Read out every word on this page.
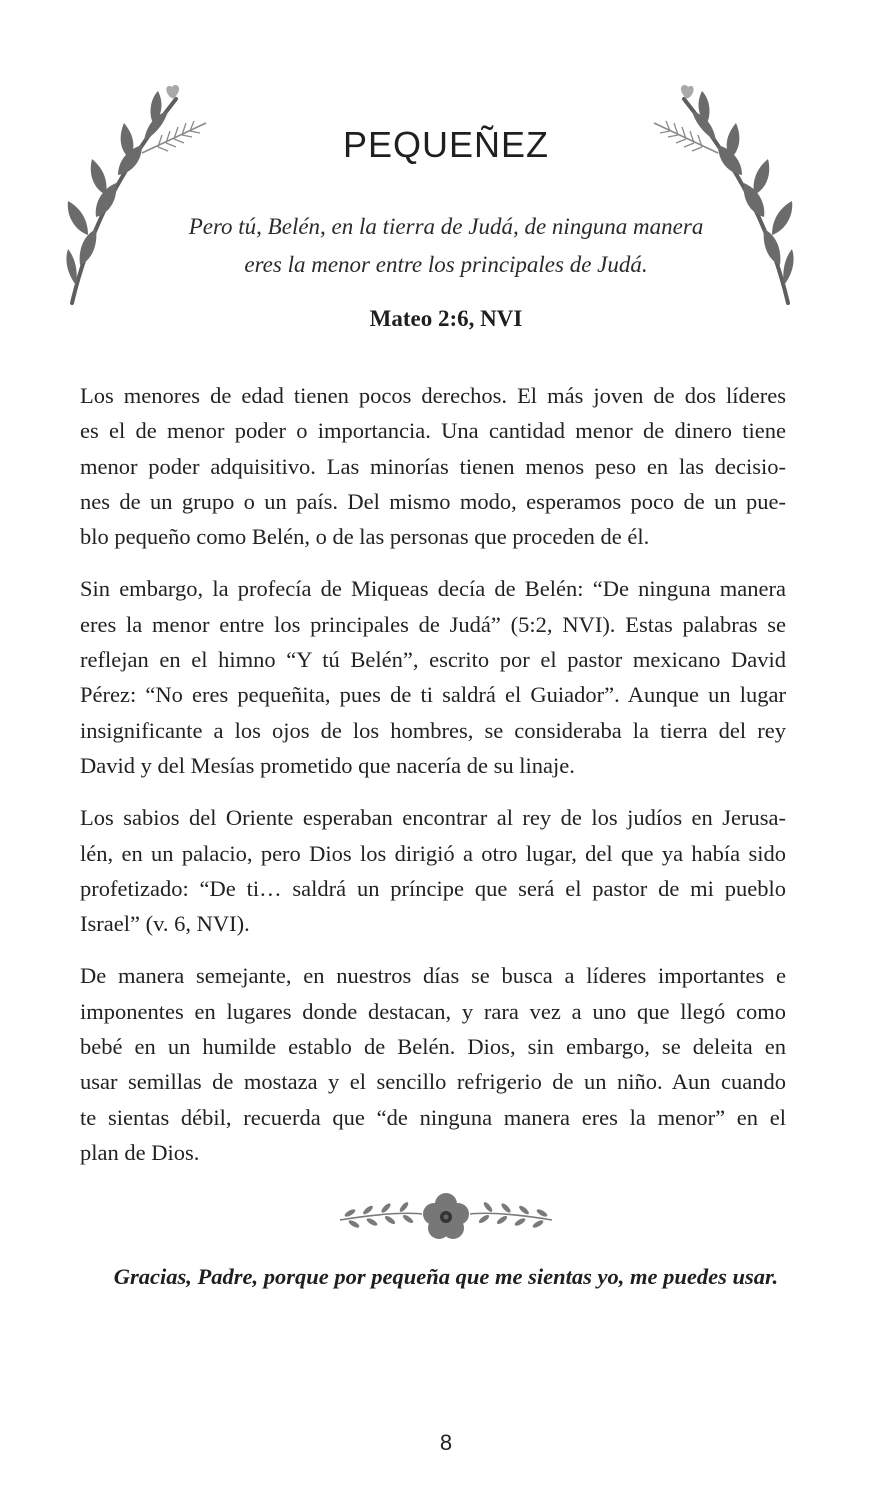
PEQUEÑEZ
Pero tú, Belén, en la tierra de Judá, de ninguna manera
eres la menor entre los principales de Judá.
Mateo 2:6, NVI
Los menores de edad tienen pocos derechos. El más joven de dos líderes
es el de menor poder o importancia. Una cantidad menor de dinero tiene
menor poder adquisitivo. Las minorías tienen menos peso en las decisio-
nes de un grupo o un país. Del mismo modo, esperamos poco de un pue-
blo pequeño como Belén, o de las personas que proceden de él.
Sin embargo, la profecía de Miqueas decía de Belén: “De ninguna manera
eres la menor entre los principales de Judá” (5:2, NVI). Estas palabras se
reflejan en el himno “Y tú Belén”, escrito por el pastor mexicano David
Pérez: “No eres pequeñita, pues de ti saldrá el Guiador”. Aunque un lugar
insignificante a los ojos de los hombres, se consideraba la tierra del rey
David y del Mesías prometido que nacería de su linaje.
Los sabios del Oriente esperaban encontrar al rey de los judíos en Jerusa-
lén, en un palacio, pero Dios los dirigió a otro lugar, del que ya había sido
profetizado: “De ti… saldrá un príncipe que será el pastor de mi pueblo
Israel” (v. 6, NVI).
De manera semejante, en nuestros días se busca a líderes importantes e
imponentes en lugares donde destacan, y rara vez a uno que llegó como
bebé en un humilde establo de Belén. Dios, sin embargo, se deleita en
usar semillas de mostaza y el sencillo refrigerio de un niño. Aun cuando
te sientas débil, recuerda que “de ninguna manera eres la menor” en el
plan de Dios.
Gracias, Padre, porque por pequeña que me sientas yo, me puedes usar.
8
